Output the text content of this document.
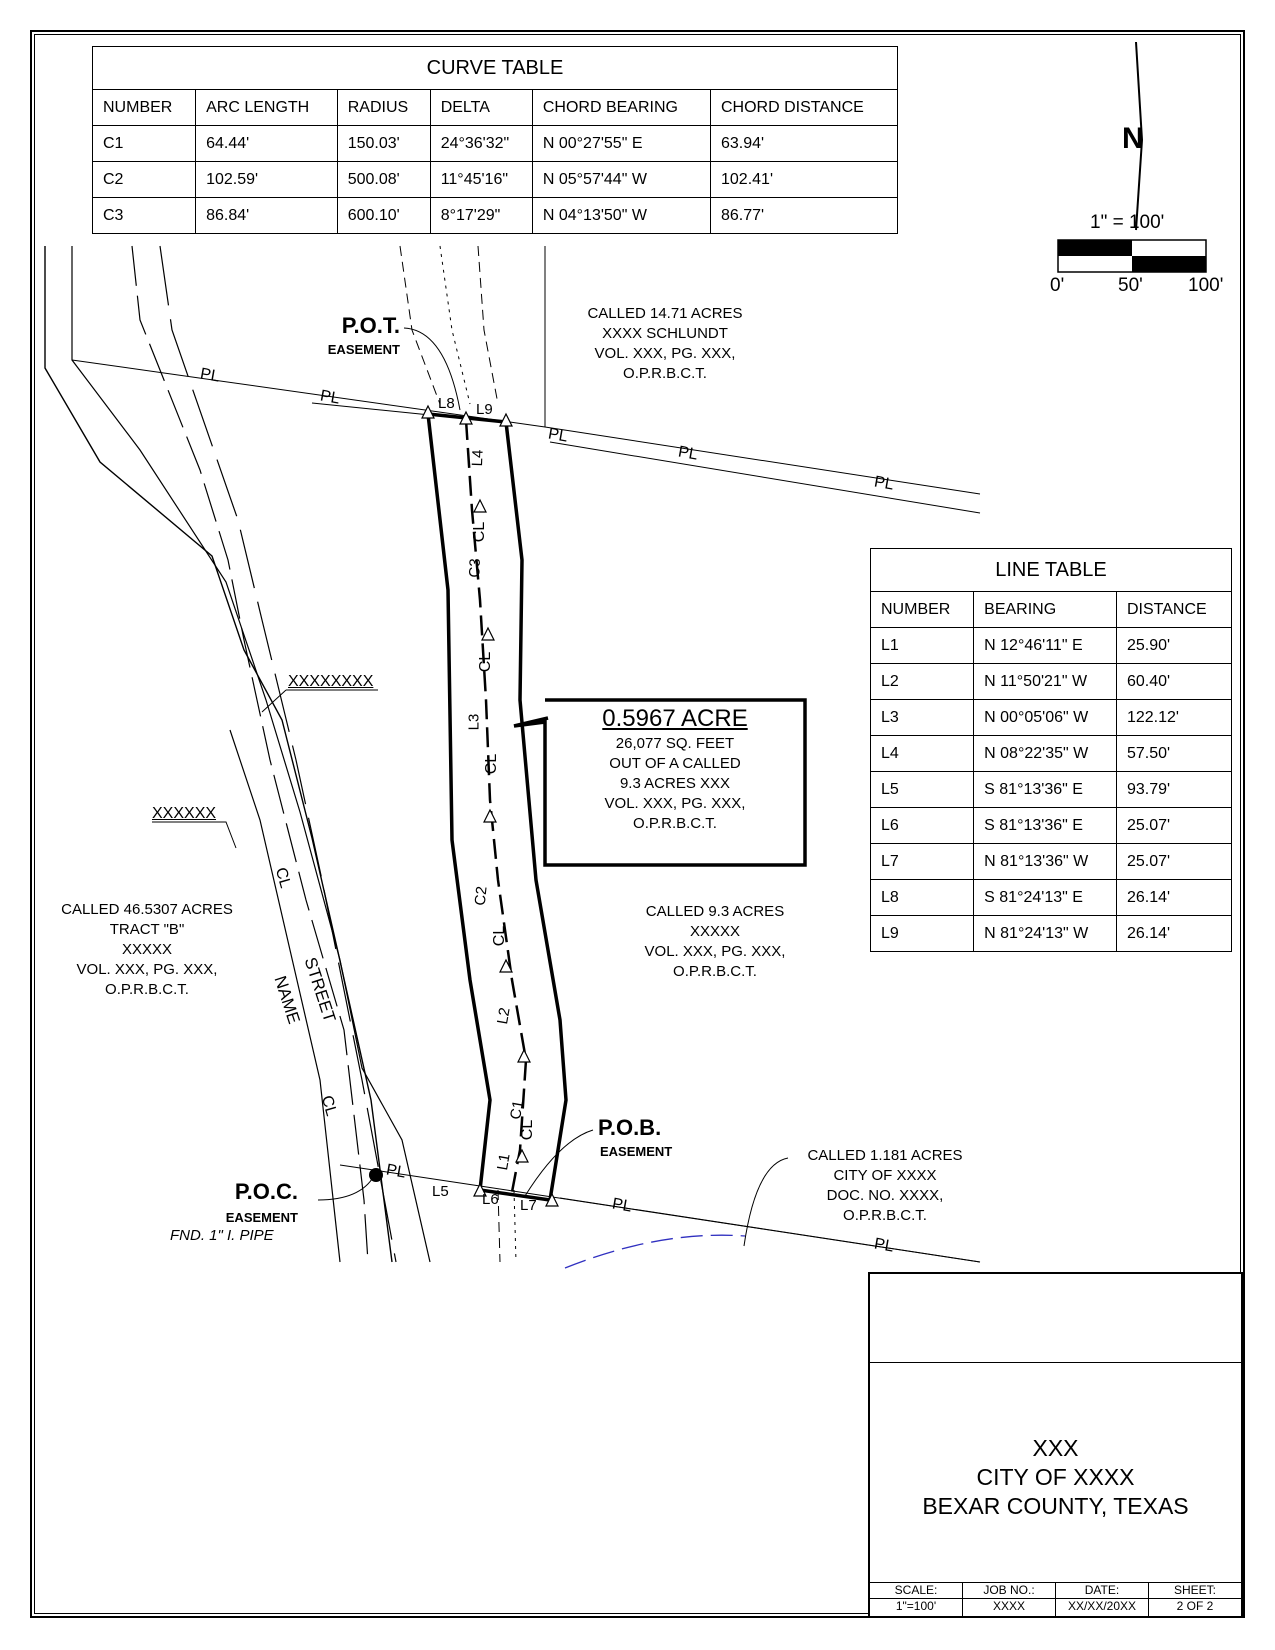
CURVE TABLE					
NUMBER	ARC LENGTH	RADIUS	DELTA	CHORD BEARING	CHORD DISTANCE
C1	64.44'	150.03'	24°36'32"	N 00°27'55" E	63.94'
C2	102.59'	500.08'	11°45'16"	N 05°57'44" W	102.41'
C3	86.84'	600.10'	8°17'29"	N 04°13'50" W	86.77'
LINE TABLE		
NUMBER	BEARING	DISTANCE
L1	N 12°46'11" E	25.90'
L2	N 11°50'21" W	60.40'
L3	N 00°05'06" W	122.12'
L4	N 08°22'35" W	57.50'
L5	S 81°13'36" E	93.79'
L6	S 81°13'36" E	25.07'
L7	N 81°13'36" W	25.07'
L8	S 81°24'13" E	26.14'
L9	N 81°24'13" W	26.14'
N
1" = 100'
0'	50' 100'
P.O.T.
EASEMENT
P.O.B.
EASEMENT
P.O.C.
EASEMENT
FND. 1" I. PIPE
CALLED 14.71 ACRES
XXXX SCHLUNDT
VOL. XXX, PG. XXX,
O.P.R.B.C.T.
CALLED 46.5307 ACRES
TRACT "B"
XXXXX
VOL. XXX, PG. XXX,
O.P.R.B.C.T.
CALLED 9.3 ACRES
XXXXX
VOL. XXX, PG. XXX,
O.P.R.B.C.T.
CALLED 1.181 ACRES
CITY OF XXXX
DOC. NO. XXXX,
O.P.R.B.C.T.
0.5967 ACRE
26,077 SQ. FEET
OUT OF A CALLED
9.3 ACRES XXX
VOL. XXX, PG. XXX,
O.P.R.B.C.T.
STREET
NAME
XXXXXXXX
XXXXXX
PL
PL
PL
PL
PL
PL
PL
PL
CL
CL
CL
CL
CL
CL
CL
L1
L2
L3
L4
L5 L6 L7
L8 L9
C1
C2
C3
XXX
CITY OF XXXX
BEXAR COUNTY, TEXAS
SCALE:
1"=100'
JOB NO.:
XXXX
DATE:
XX/XX/20XX
SHEET:
2 OF 2
